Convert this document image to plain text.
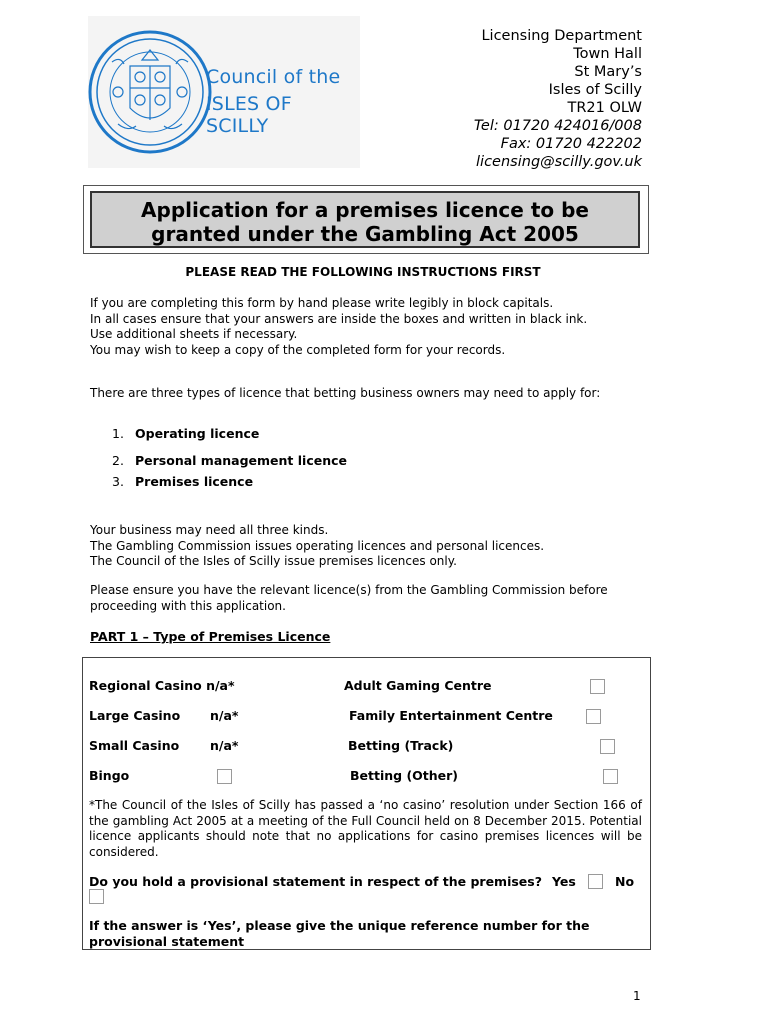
Council of the
ISLES OF SCILLY
Licensing Department
Town Hall
St Mary’s
Isles of Scilly
TR21 OLW
Tel: 01720 424016/008
Fax: 01720 422202
licensing@scilly.gov.uk
Application for a premises licence to be
granted under the Gambling Act 2005
PLEASE READ THE FOLLOWING INSTRUCTIONS FIRST
If you are completing this form by hand please write legibly in block capitals.
In all cases ensure that your answers are inside the boxes and written in black ink.
Use additional sheets if necessary.
You may wish to keep a copy of the completed form for your records.
There are three types of licence that betting business owners may need to apply for:
1. Operating licence
2. Personal management licence
3. Premises licence
Your business may need all three kinds.
The Gambling Commission issues operating licences and personal licences.
The Council of the Isles of Scilly issue premises licences only.
Please ensure you have the relevant licence(s) from the Gambling Commission before
proceeding with this application.
PART 1 – Type of Premises Licence
Regional Casino n/a*	Adult Gaming Centre
Large Casino n/a*	Family Entertainment Centre
Small Casino n/a*	Betting (Track)
Bingo	Betting (Other)
*The Council of the Isles of Scilly has passed a ‘no casino’ resolution under Section 166 of the gambling Act 2005 at a meeting of the Full Council held on 8 December 2015. Potential licence applicants should note that no applications for casino premises licences will be considered.
Do you hold a provisional statement in respect of the premises? Yes	No
If the answer is ‘Yes’, please give the unique reference number for the
provisional statement
1
